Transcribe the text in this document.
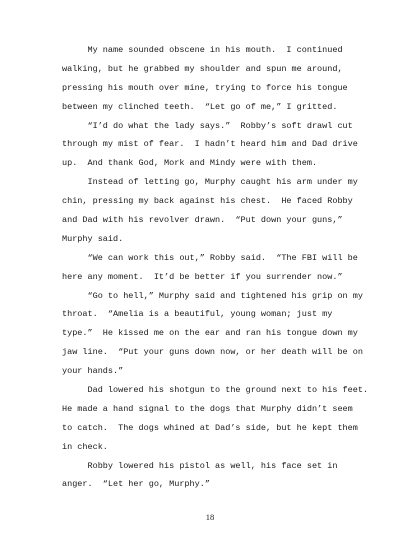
My name sounded obscene in his mouth.  I continued
walking, but he grabbed my shoulder and spun me around,
pressing his mouth over mine, trying to force his tongue
between my clinched teeth.  “Let go of me,” I gritted.
“I’d do what the lady says.”  Robby’s soft drawl cut
through my mist of fear.  I hadn’t heard him and Dad drive
up.  And thank God, Mork and Mindy were with them.
Instead of letting go, Murphy caught his arm under my
chin, pressing my back against his chest.  He faced Robby
and Dad with his revolver drawn.  “Put down your guns,”
Murphy said.
“We can work this out,” Robby said.  “The FBI will be
here any moment.  It’d be better if you surrender now.”
“Go to hell,” Murphy said and tightened his grip on my
throat.  “Amelia is a beautiful, young woman; just my
type.”  He kissed me on the ear and ran his tongue down my
jaw line.  “Put your guns down now, or her death will be on
your hands.”
Dad lowered his shotgun to the ground next to his feet.
He made a hand signal to the dogs that Murphy didn’t seem
to catch.  The dogs whined at Dad’s side, but he kept them
in check.
Robby lowered his pistol as well, his face set in
anger.  “Let her go, Murphy.”
18
